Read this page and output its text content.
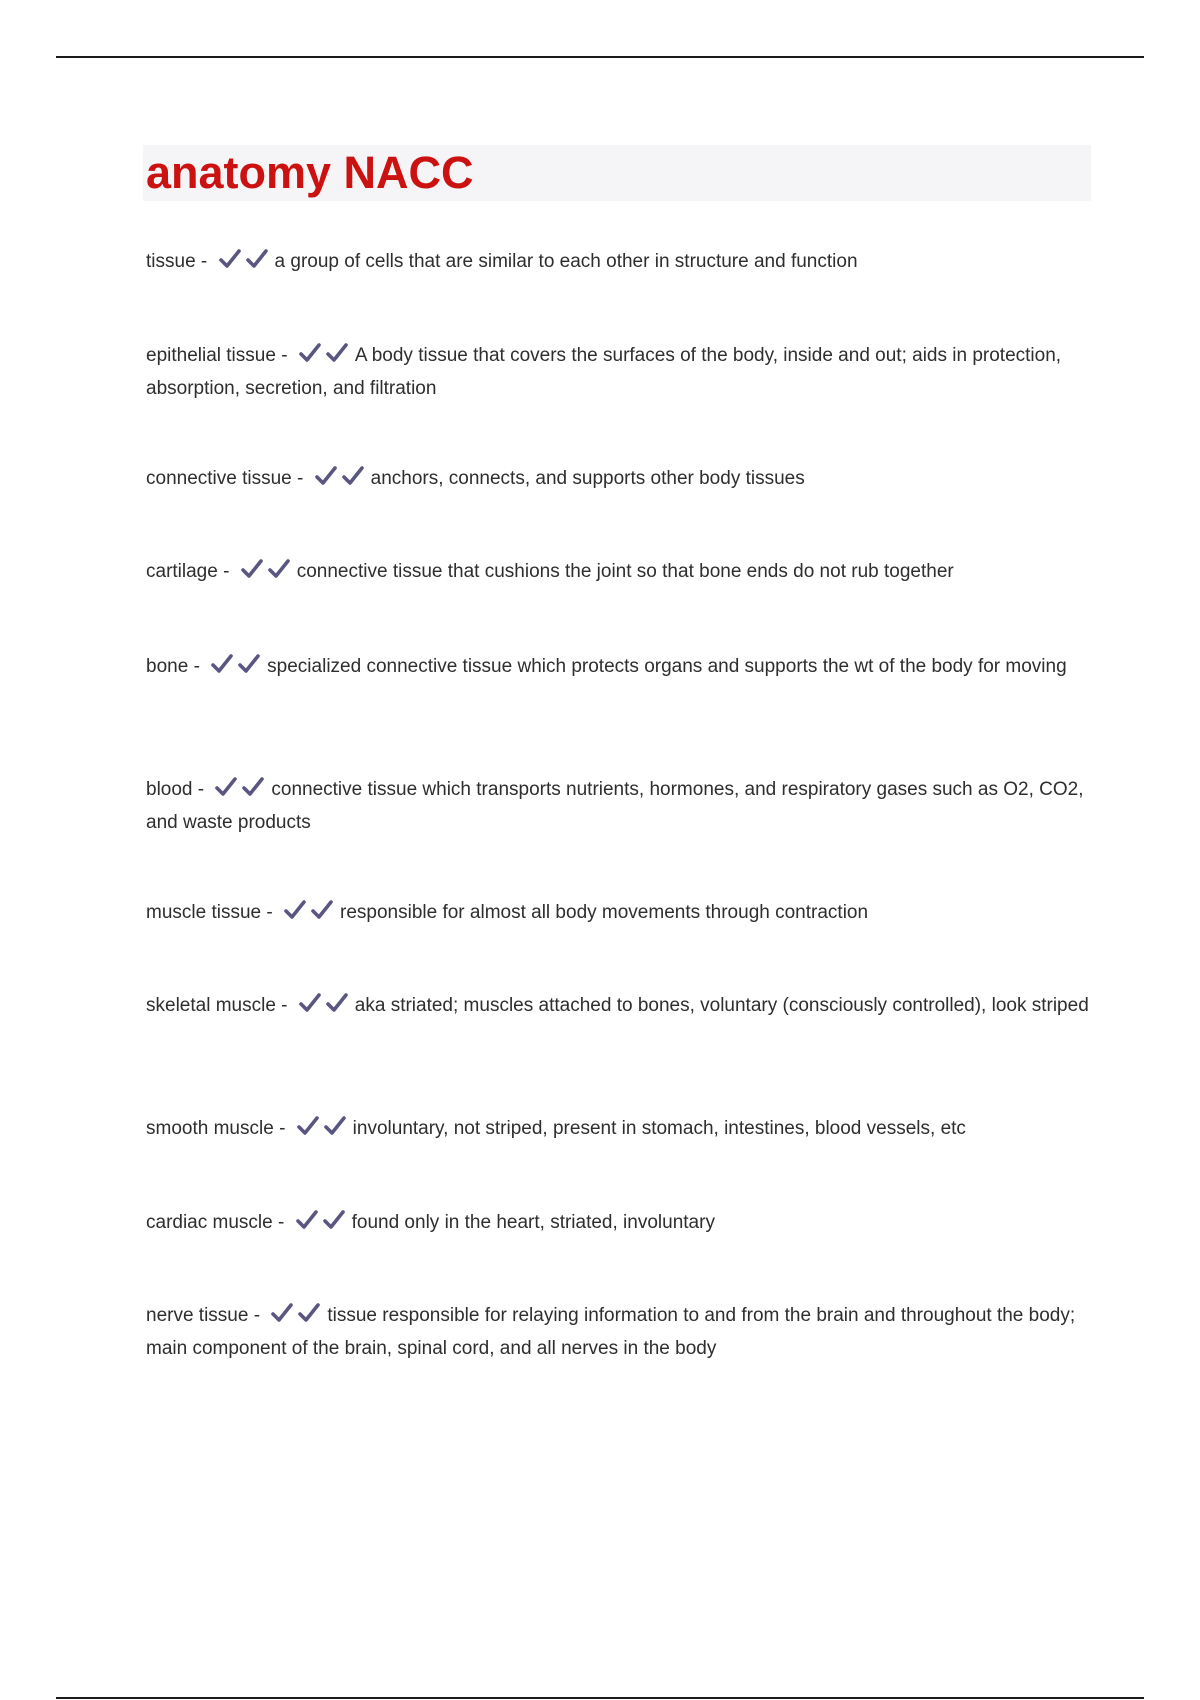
anatomy NACC

tissue -	a group of cells that are similar to each other in structure and function

epithelial tissue -	A body tissue that covers the surfaces of the body, inside and out; aids in protection, absorption, secretion, and filtration

connective tissue -	anchors, connects, and supports other body tissues

cartilage -	connective tissue that cushions the joint so that bone ends do not rub together

bone -	specialized connective tissue which protects organs and supports the wt of the body for moving

blood -	connective tissue which transports nutrients, hormones, and respiratory gases such as O2, CO2, and waste products

muscle tissue -	responsible for almost all body movements through contraction

skeletal muscle -	aka striated; muscles attached to bones, voluntary (consciously controlled), look striped

smooth muscle -	involuntary, not striped, present in stomach, intestines, blood vessels, etc

cardiac muscle -	found only in the heart, striated, involuntary

nerve tissue -	tissue responsible for relaying information to and from the brain and throughout the body; main component of the brain, spinal cord, and all nerves in the body
